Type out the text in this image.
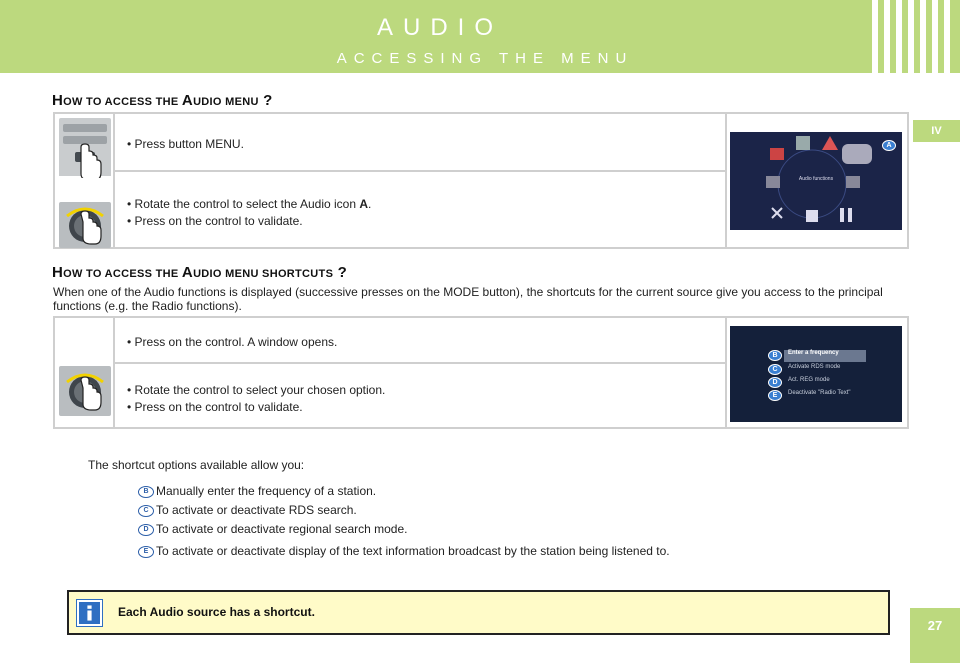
AUDIO
ACCESSING THE MENU
IV
27
HOW TO ACCESS THE AUDIO MENU ?
• Press button MENU.
• Rotate the control to select the Audio icon A.
• Press on the control to validate.
Audio functions
A
HOW TO ACCESS THE AUDIO MENU SHORTCUTS ?
When one of the Audio functions is displayed (successive presses on the MODE button), the shortcuts for the current source give you access to the principal functions (e.g. the Radio functions).
• Press on the control. A window opens.
• Rotate the control to select your chosen option.
• Press on the control to validate.
B	Enter a frequency
C	Activate RDS mode
D	Act. REG mode
E	Deactivate "Radio Text"
The shortcut options available allow you:
B Manually enter the frequency of a station.
C To activate or deactivate RDS search.
D To activate or deactivate regional search mode.
E To activate or deactivate display of the text information broadcast by the station being listened to.
Each Audio source has a shortcut.
